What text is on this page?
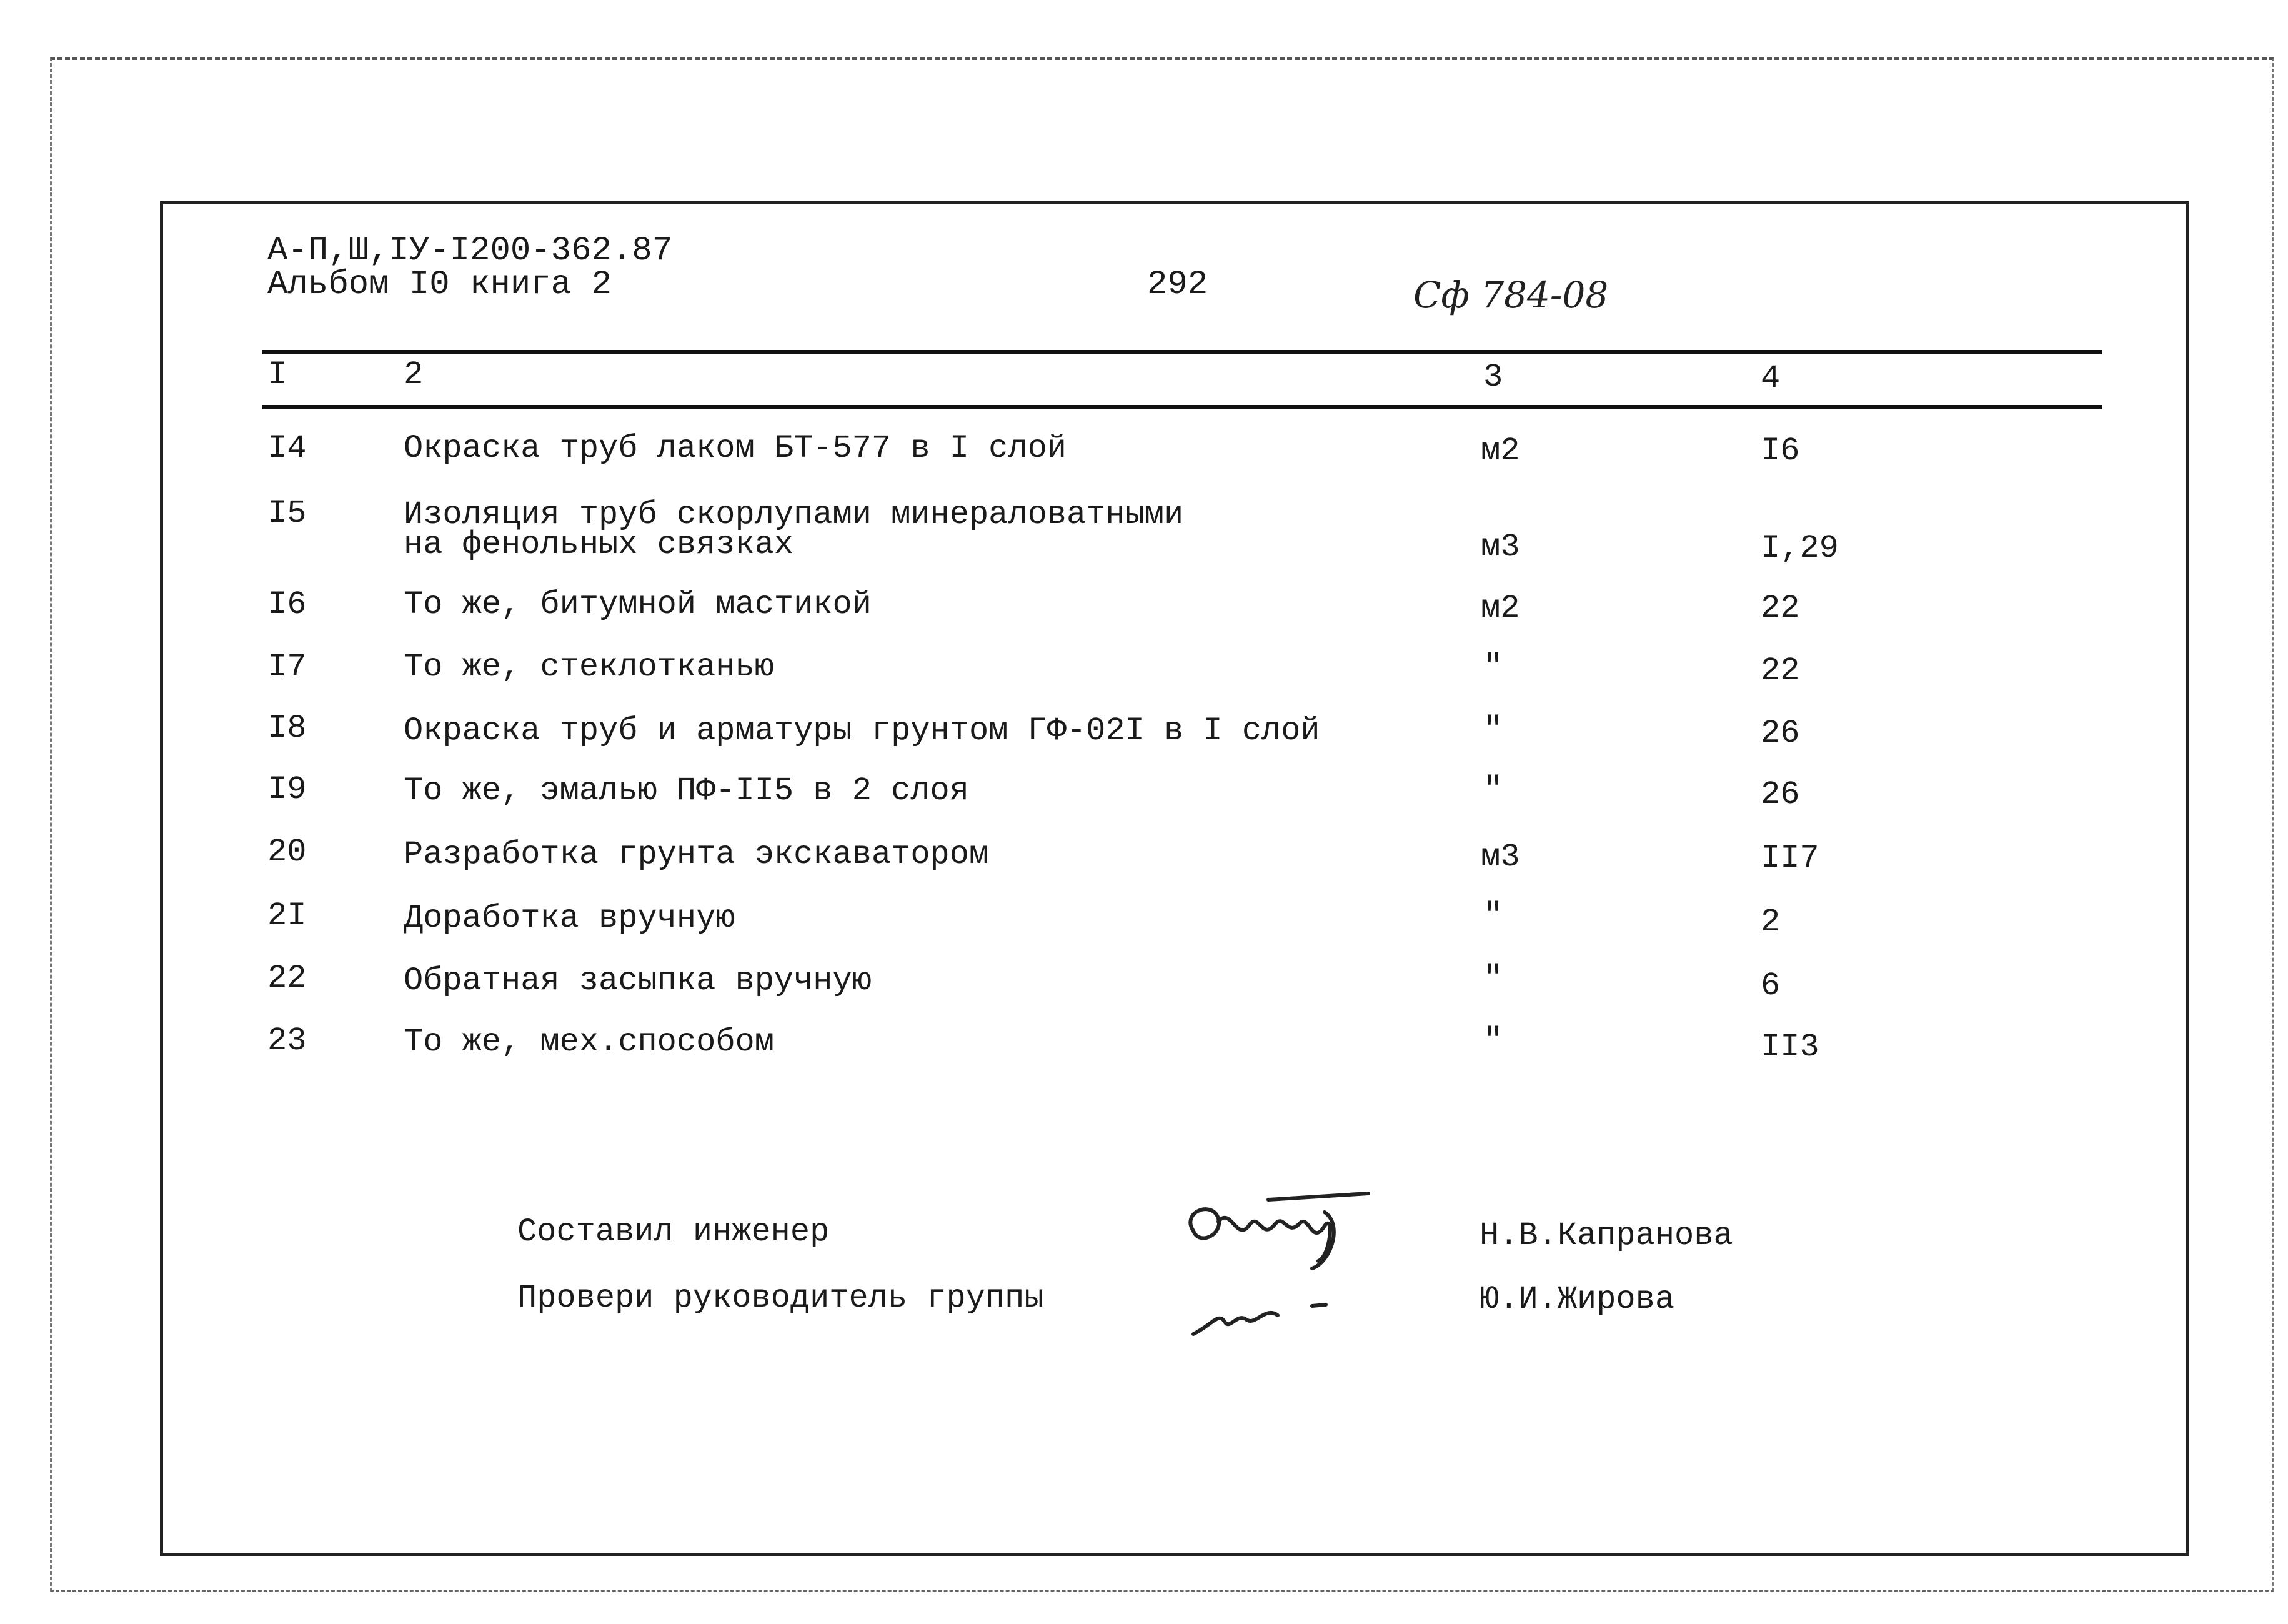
А-П,Ш,IУ-I200-362.87
Альбом I0 книга 2	292	Сф 784-08
I	2	3	4
I4	Окраска труб лаком БТ-577 в I слой	м2	I6
I5	Изоляция труб скорлупами минераловатными
на фенольных связках	м3	I,29
I6	То же, битумной мастикой	м2	22
I7	То же, стеклотканью	"	22
I8	Окраска труб и арматуры грунтом ГФ-02I в I слой	"	26
I9	То же, эмалью ПФ-II5 в 2 слоя	"	26
20	Разработка грунта экскаватором	м3	II7
2I	Доработка вручную	"	2
22	Обратная засыпка вручную	"	6
23	То же, мех.способом	"	II3
Составил инженер	Н.В.Капранова
Провери руководитель группы	Ю.И.Жирова
